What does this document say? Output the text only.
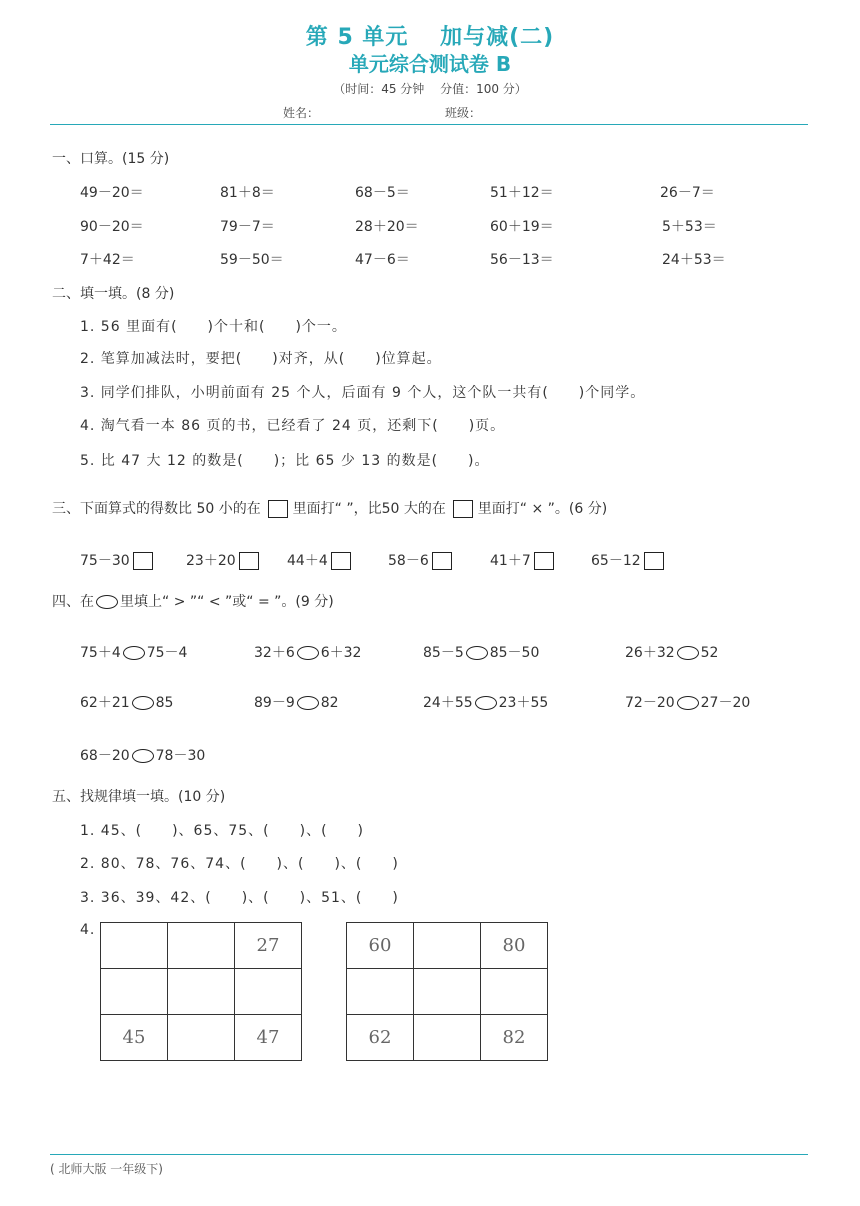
第 5 单元　 加与减(二)
单元综合测试卷 B
（时间：45 分钟　 分值：100 分）
姓名：	班级：
一、口算。(15 分)
49－20＝	81＋8＝	68－5＝	51＋12＝	26－7＝
90－20＝	79－7＝	28＋20＝	60＋19＝	5＋53＝
7＋42＝	59－50＝	47－6＝	56－13＝	24＋53＝
二、填一填。(8 分)
1. 56 里面有(　　)个十和(　　)个一。
2. 笔算加减法时，要把(　　)对齐，从(　　)位算起。
3. 同学们排队，小明前面有 25 个人，后面有 9 个人，这个队一共有(　　)个同学。
4. 淘气看一本 86 页的书，已经看了 24 页，还剩下(　　)页。
5. 比 47 大 12 的数是(　　)；比 65 少 13 的数是(　　)。
三、下面算式的得数比 50 小的在 里面打“ ”，比50 大的在 里面打“ × ”。(6 分)
75－30	23＋20	44＋4	58－6	41＋7	65－12
四、在 里填上“ > ”“ < ”或“ = ”。(9 分)
75＋4 75－4	32＋6 6＋32	85－5 85－50	26＋32 52
62＋21 85	89－9 82	24＋55 23＋55	72－20 27－20
68－20 78－30
五、找规律填一填。(10 分)
1. 45、(　　)、65、75、(　　)、(　　)
2. 80、78、76、74、(　　)、(　　)、(　　)
3. 36、39、42、(　　)、(　　)、51、(　　)
4.
		27

45		47
60		80

62		82
( 北师大版 一年级下)
